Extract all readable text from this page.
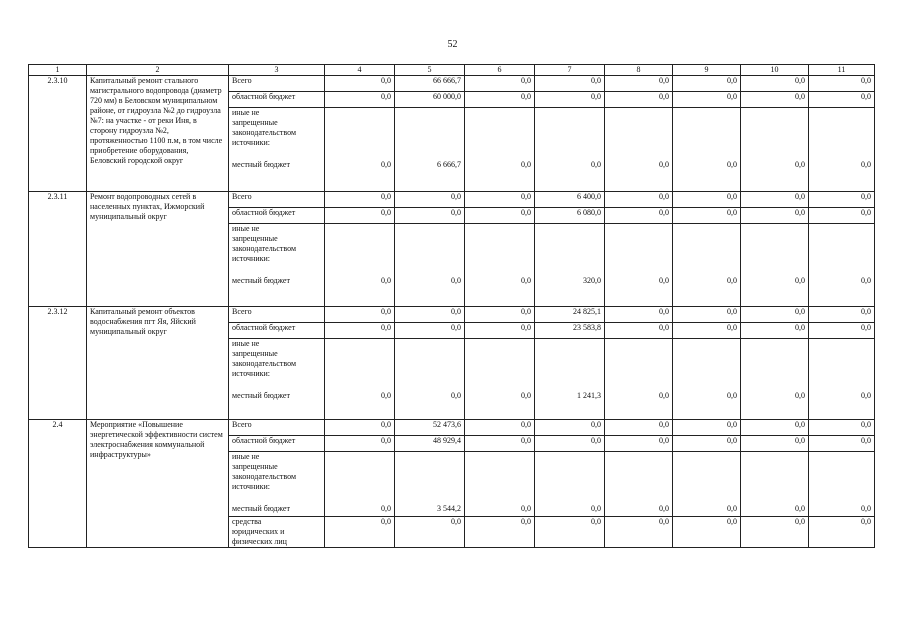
52
1	2	3	4	5	6	7	8	9	10	11
2.3.10	Капитальный ремонт стального магистрального водопровода (диаметр 720 мм) в Беловском муниципальном районе, от гидроузла №2 до гидроузла №7: на участке - от реки Иня, в сторону гидроузла №2, протяженностью 1100 п.м, в том числе приобретение оборудования, Беловский городской округ	Всего	0,0	66 666,7	0,0	0,0	0,0	0,0	0,0	0,0
		областной бюджет	0,0	60 000,0	0,0	0,0	0,0	0,0	0,0	0,0

		иные не
запрещенные
законодательством
источники:
местный бюджет	0,0	6 666,7	0,0	0,0	0,0	0,0	0,0	0,0

2.3.11	Ремонт водопроводных сетей в населенных пунктах, Ижморский муниципальный округ	Всего	0,0	0,0	0,0	6 400,0	0,0	0,0	0,0	0,0
		областной бюджет	0,0	0,0	0,0	6 080,0	0,0	0,0	0,0	0,0

		иные не
запрещенные
законодательством
источники:
местный бюджет	0,0	0,0	0,0	320,0	0,0	0,0	0,0	0,0

2.3.12	Капитальный ремонт объектов водоснабжения пгт Яя, Яйский муниципальный округ	Всего	0,0	0,0	0,0	24 825,1	0,0	0,0	0,0	0,0
		областной бюджет	0,0	0,0	0,0	23 583,8	0,0	0,0	0,0	0,0

		иные не
запрещенные
законодательством
источники:
местный бюджет	0,0	0,0	0,0	1 241,3	0,0	0,0	0,0	0,0

2.4	Мероприятие «Повышение энергетической эффективности систем электроснабжения коммунальной инфраструктуры»	Всего	0,0	52 473,6	0,0	0,0	0,0	0,0	0,0	0,0
		областной бюджет	0,0	48 929,4	0,0	0,0	0,0	0,0	0,0	0,0

		иные не
запрещенные
законодательством
источники:
местный бюджет	0,0	3 544,2	0,0	0,0	0,0	0,0	0,0	0,0

		средства
юридических и
физических лиц	0,0	0,0	0,0	0,0	0,0	0,0	0,0	0,0
